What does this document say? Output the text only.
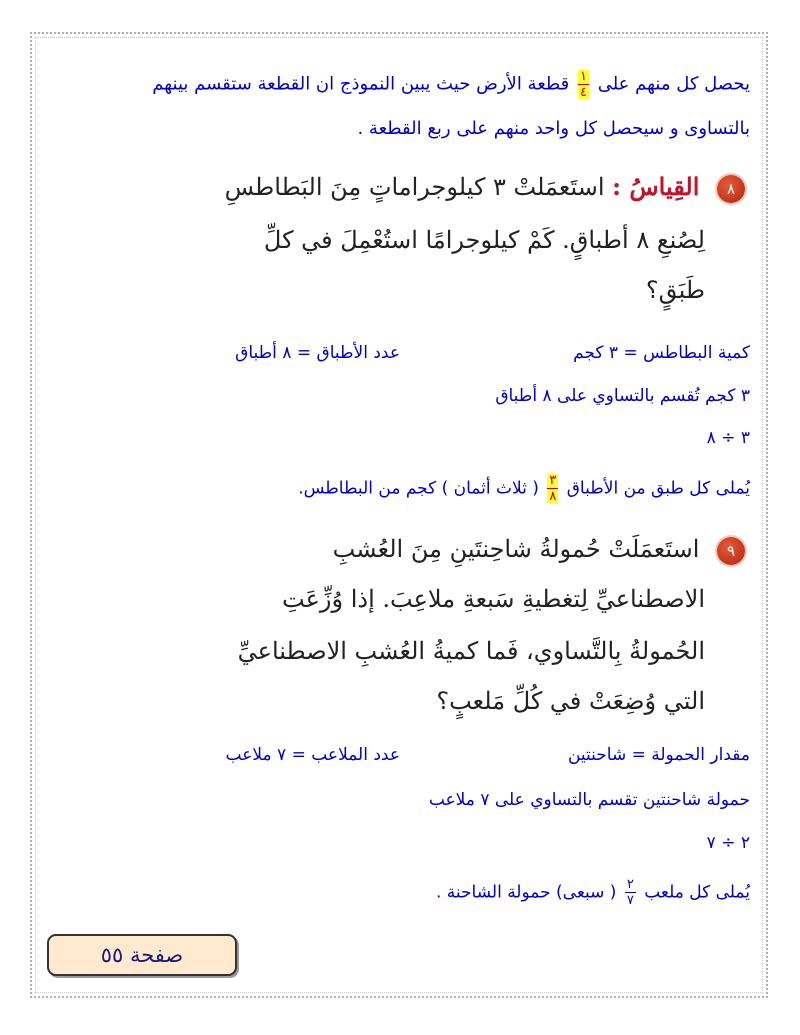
يحصل كل منهم على
$\frac{١}{٤}$
قطعة الأرض حيث يبين النموذج ان القطعة ستقسم بينهم
بالتساوى و سيحصل كل واحد منهم على ربع القطعة .
٨ القِياسُ : استَعمَلتْ ٣ كيلوجراماتٍ مِنَ البَطاطسِ
لِصُنعِ ٨ أطباقٍ. كَمْ كيلوجرامًا استُعْمِلَ في كلِّ
طَبَقٍ؟
كمية البطاطس = ٣ كجم
عدد الأطباق = ٨ أطباق
٣ كجم تُقسم بالتساوي على ٨ أطباق
٣ ÷ ٨
يُملى كل طبق من الأطباق
$\frac{٣}{٨}$
( ثلاث أثمان ) كجم من البطاطس.
٩ استَعمَلَتْ حُمولةُ شاحِنتَينِ مِنَ العُشبِ
الاصطناعيِّ لِتغطيةِ سَبعةِ ملاعِبَ. إذا وُزِّعَتِ
الحُمولةُ بِالتَّساوي، فَما كميةُ العُشبِ الاصطناعيِّ
التي وُضِعَتْ في كُلِّ مَلعبٍ؟
مقدار الحمولة = شاحنتين
عدد الملاعب = ٧ ملاعب
حمولة شاحنتين تقسم بالتساوي على ٧ ملاعب
٢ ÷ ٧
يُملى كل ملعب
$\frac{٢}{٧}$
( سبعى) حمولة الشاحنة .
صفحة ٥٥
